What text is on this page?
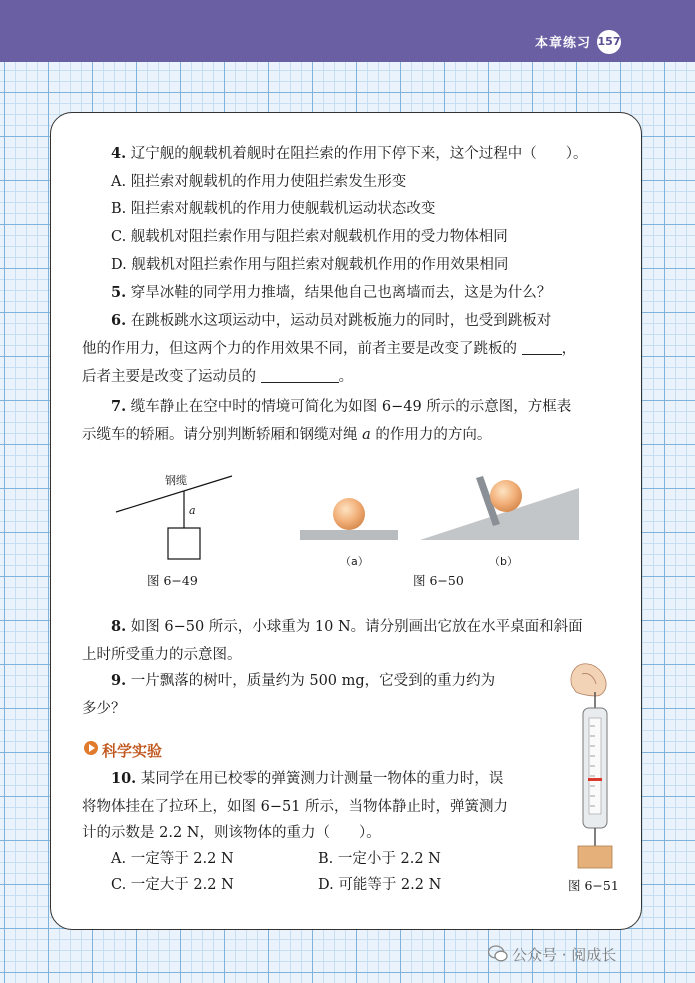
本章练习 157
4. 辽宁舰的舰载机着舰时在阻拦索的作用下停下来，这个过程中（　　）。
A. 阻拦索对舰载机的作用力使阻拦索发生形变
B. 阻拦索对舰载机的作用力使舰载机运动状态改变
C. 舰载机对阻拦索作用与阻拦索对舰载机作用的受力物体相同
D. 舰载机对阻拦索作用与阻拦索对舰载机作用的作用效果相同
5. 穿旱冰鞋的同学用力推墙，结果他自己也离墙而去，这是为什么？
6. 在跳板跳水这项运动中，运动员对跳板施力的同时，也受到跳板对
他的作用力，但这两个力的作用效果不同，前者主要是改变了跳板的	，
后者主要是改变了运动员的	。
7. 缆车静止在空中时的情境可简化为如图 6−49 所示的示意图，方框表
示缆车的轿厢。请分别判断轿厢和钢缆对绳 a 的作用力的方向。
钢缆
a
图 6−49
（a）	（b）
图 6−50
8. 如图 6−50 所示，小球重为 10 N。请分别画出它放在水平桌面和斜面
上时所受重力的示意图。
9. 一片飘落的树叶，质量约为 500 mg，它受到的重力约为
多少？
科学实验
10. 某同学在用已校零的弹簧测力计测量一物体的重力时，误
将物体挂在了拉环上，如图 6−51 所示，当物体静止时，弹簧测力
计的示数是 2.2 N，则该物体的重力（　　）。
A. 一定等于 2.2 N	B. 一定小于 2.2 N
C. 一定大于 2.2 N	D. 可能等于 2.2 N	图 6−51
公众号 · 阅成长
